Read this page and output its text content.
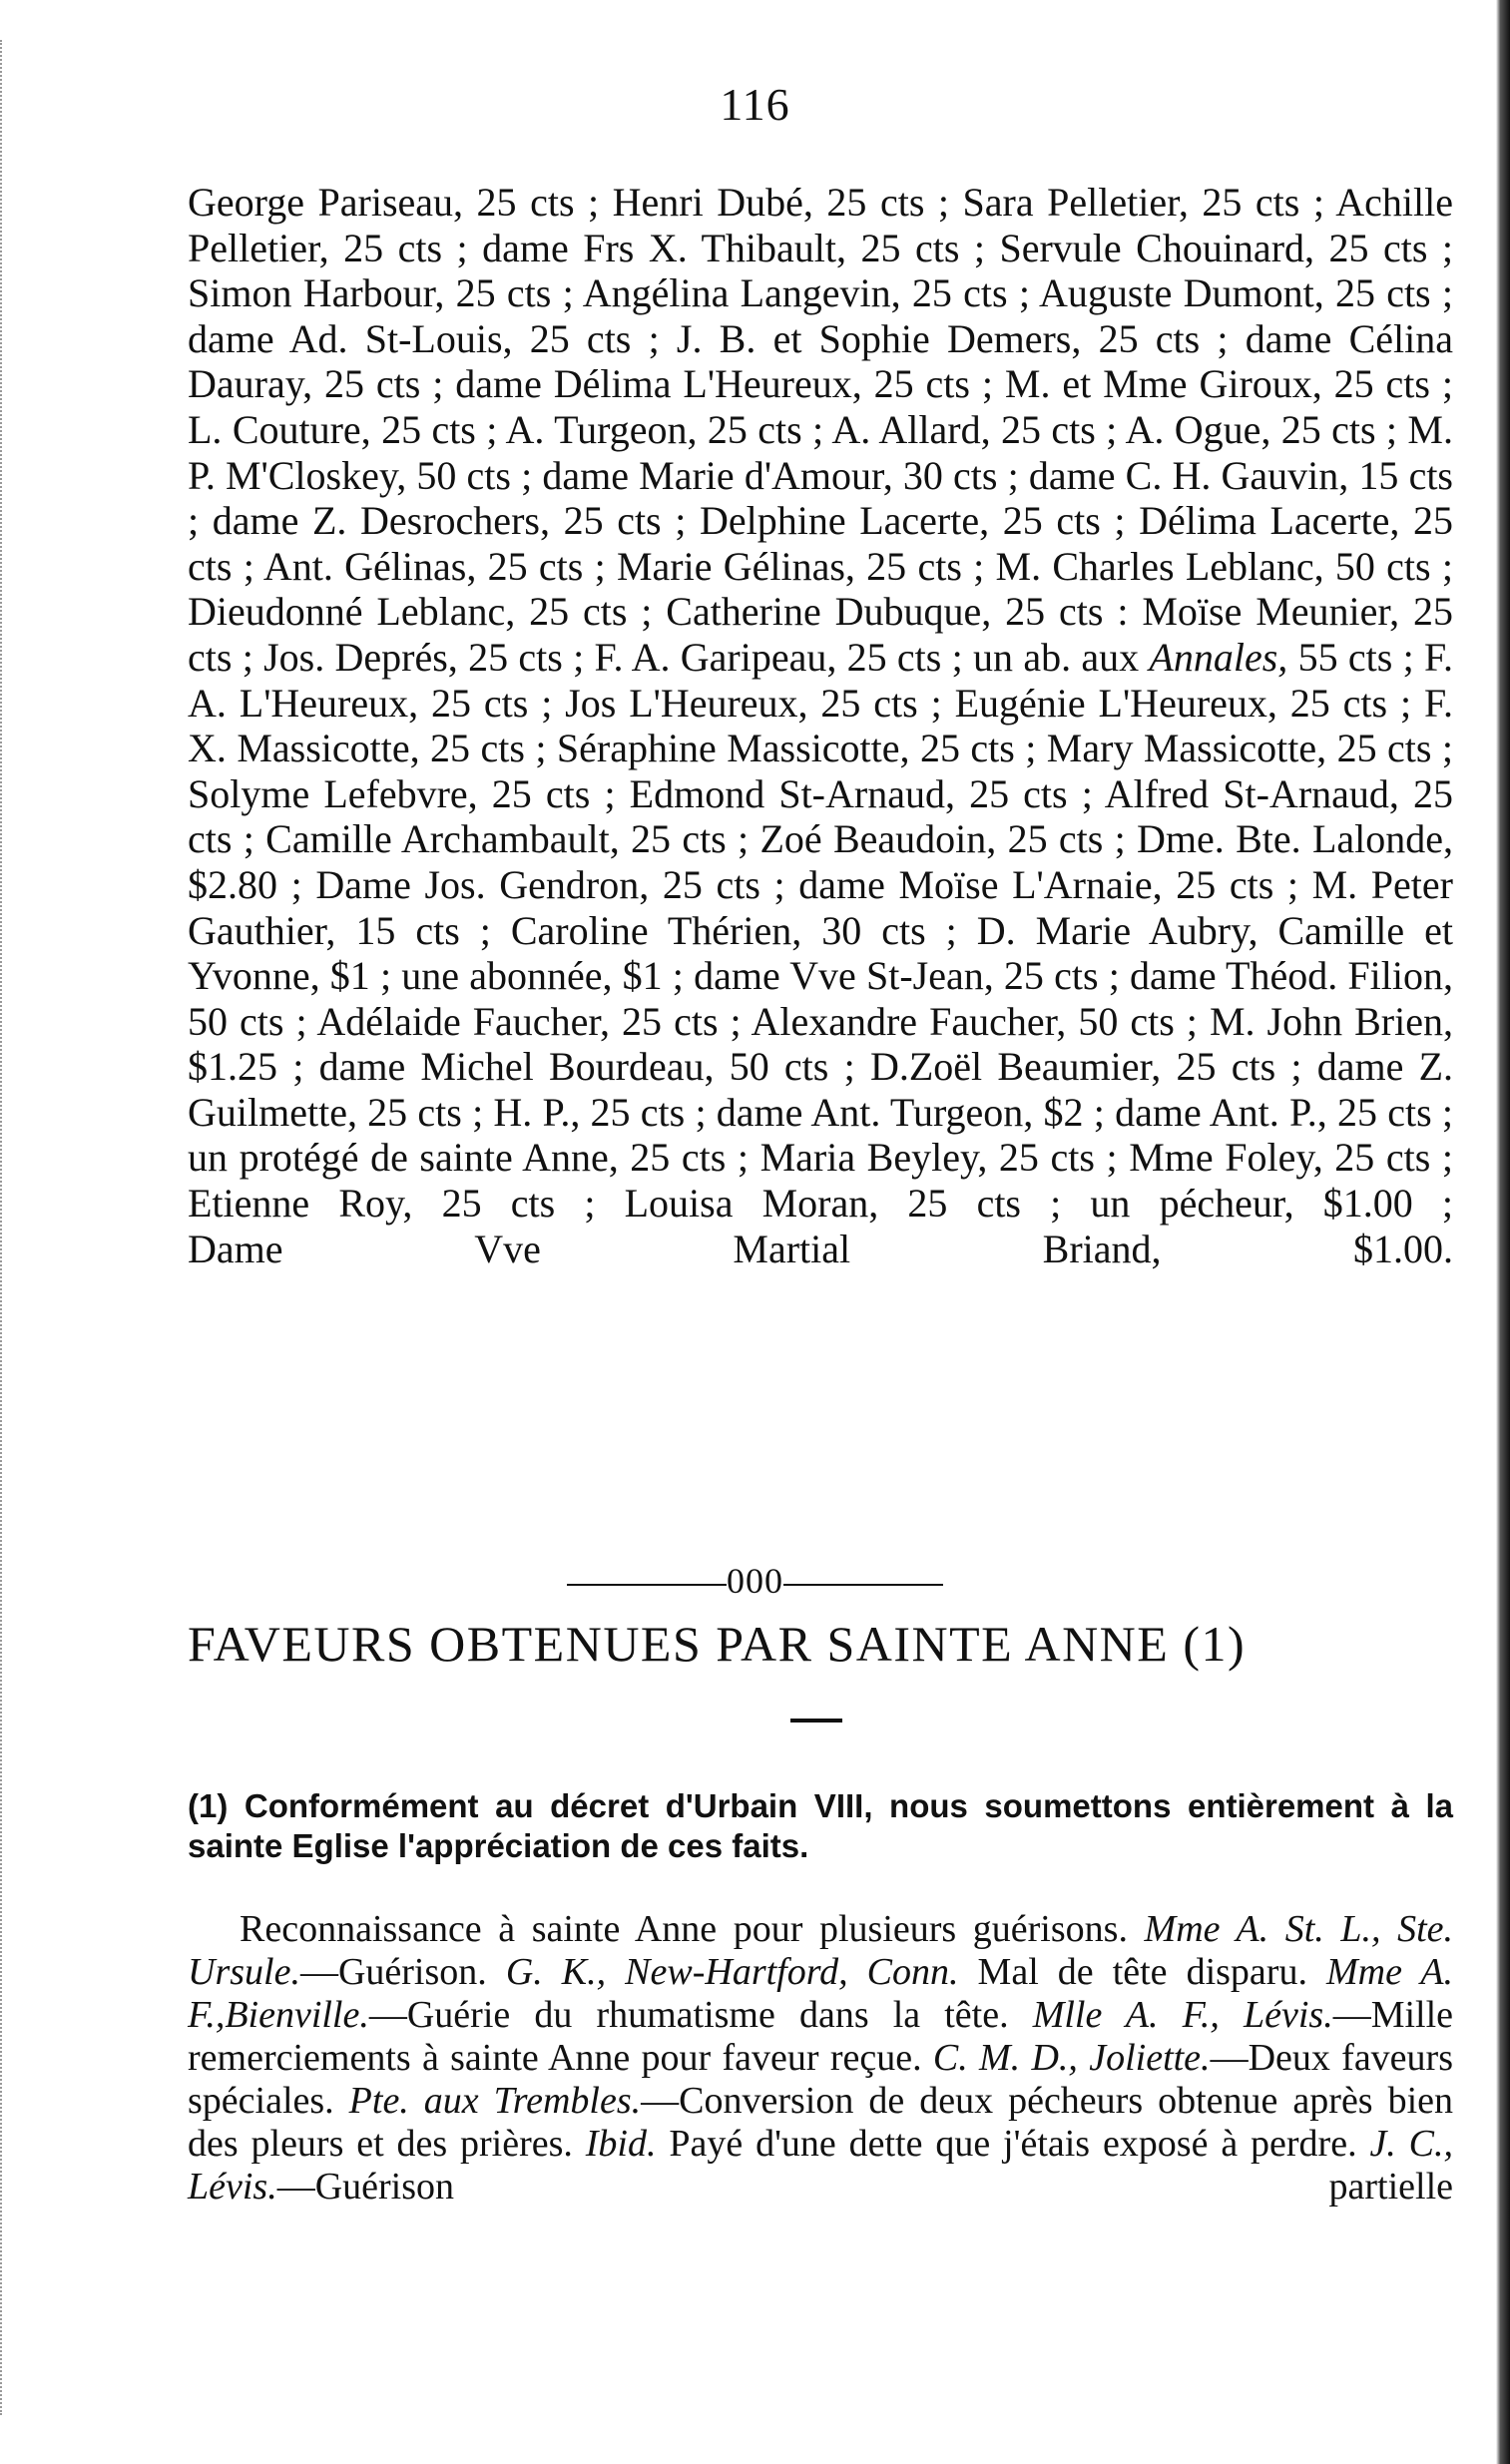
116

George Pariseau, 25 cts ; Henri Dubé, 25 cts ; Sara Pelletier, 25 cts ; Achille Pelletier, 25 cts ; dame Frs X. Thibault, 25 cts ; Servule Chouinard, 25 cts ; Simon Harbour, 25 cts ; Angélina Langevin, 25 cts ; Auguste Dumont, 25 cts ; dame Ad. St-Louis, 25 cts ; J. B. et Sophie Demers, 25 cts ; dame Célina Dauray, 25 cts ; dame Délima L'Heureux, 25 cts ; M. et Mme Giroux, 25 cts ; L. Couture, 25 cts ; A. Turgeon, 25 cts ; A. Allard, 25 cts ; A. Ogue, 25 cts ; M. P. M'Closkey, 50 cts ; dame Marie d'Amour, 30 cts ; dame C. H. Gauvin, 15 cts ; dame Z. Desrochers, 25 cts ; Delphine Lacerte, 25 cts ; Délima Lacerte, 25 cts ; Ant. Gélinas, 25 cts ; Marie Gélinas, 25 cts ; M. Charles Leblanc, 50 cts ; Dieudonné Leblanc, 25 cts ; Catherine Dubuque, 25 cts : Moïse Meunier, 25 cts ; Jos. Deprés, 25 cts ; F. A. Garipeau, 25 cts ; un ab. aux Annales, 55 cts ; F. A. L'Heureux, 25 cts ; Jos L'Heureux, 25 cts ; Eugénie L'Heureux, 25 cts ; F. X. Massicotte, 25 cts ; Séraphine Massicotte, 25 cts ; Mary Massicotte, 25 cts ; Solyme Lefebvre, 25 cts ; Edmond St-Arnaud, 25 cts ; Alfred St-Arnaud, 25 cts ; Camille Archambault, 25 cts ; Zoé Beaudoin, 25 cts ; Dme. Bte. Lalonde, $2.80 ; Dame Jos. Gendron, 25 cts ; dame Moïse L'Arnaie, 25 cts ; M. Peter Gauthier, 15 cts ; Caroline Thérien, 30 cts ; D. Marie Aubry, Camille et Yvonne, $1 ; une abonnée, $1 ; dame Vve St-Jean, 25 cts ; dame Théod. Filion, 50 cts ; Adélaide Faucher, 25 cts ; Alexandre Faucher, 50 cts ; M. John Brien, $1.25 ; dame Michel Bourdeau, 50 cts ; D.Zoël Beaumier, 25 cts ; dame Z. Guilmette, 25 cts ; H. P., 25 cts ; dame Ant. Turgeon, $2 ; dame Ant. P., 25 cts ; un protégé de sainte Anne, 25 cts ; Maria Beyley, 25 cts ; Mme Foley, 25 cts ; Etienne Roy, 25 cts ; Louisa Moran, 25 cts ; un pécheur, $1.00 ;
Dame Vve Martial Briand, $1.00.

000
FAVEURS OBTENUES PAR SAINTE ANNE (1)

(1) Conformément au décret d'Urbain VIII, nous soumettons entièrement à la sainte Eglise l'appréciation de ces faits.

Reconnaissance à sainte Anne pour plusieurs guérisons. Mme A. St. L., Ste. Ursule.—Guérison. G. K., New-Hartford, Conn. Mal de tête disparu. Mme A. F.,Bienville.—Guérie du rhumatisme dans la tête. Mlle A. F., Lévis.—Mille remerciements à sainte Anne pour faveur reçue. C. M. D., Joliette.—Deux faveurs spéciales. Pte. aux Trembles.—Conversion de deux pécheurs obtenue après bien des pleurs et des prières. Ibid. Payé d'une dette que j'étais exposé à perdre. J. C., Lévis.—Guérison partielle
